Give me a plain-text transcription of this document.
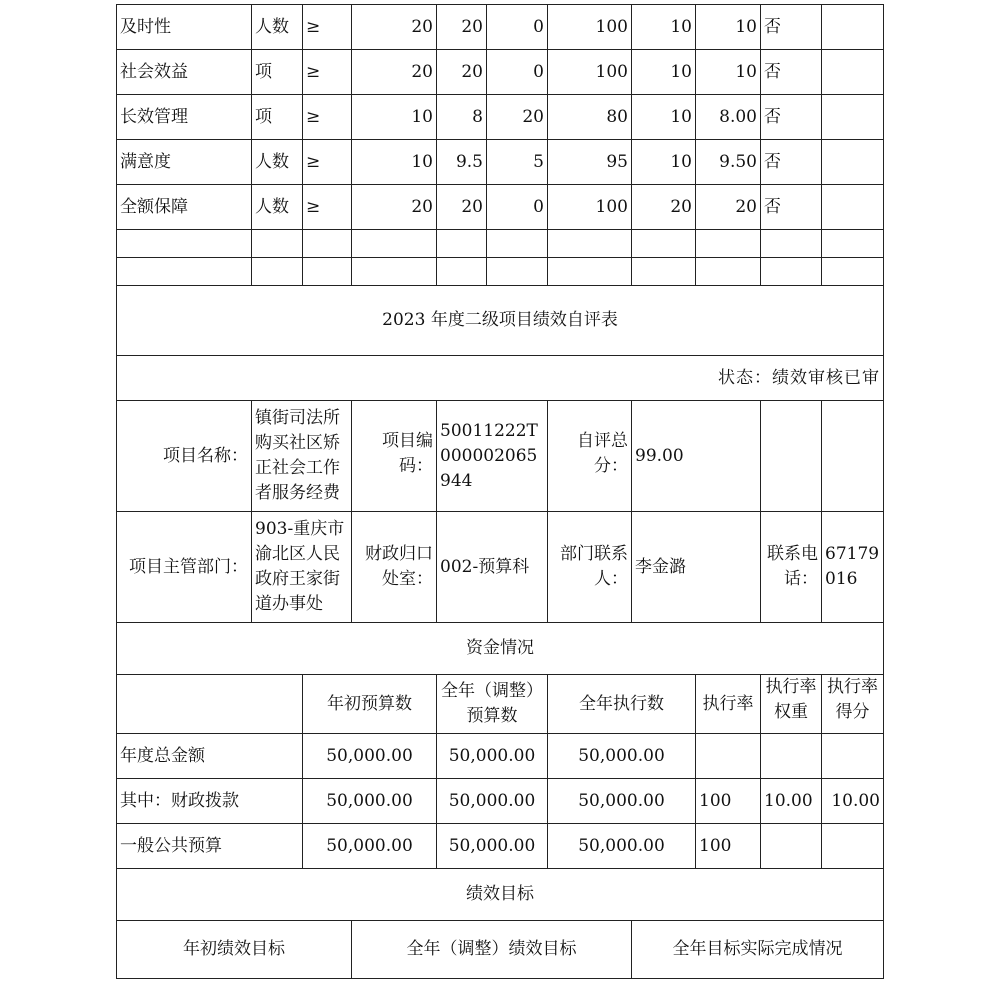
及时性	人数	≥	20	20	0	100	10	10	否	
社会效益	项	≥	20	20	0	100	10	10	否	
长效管理	项	≥	10	8	20	80	10	8.00	否	
满意度	人数	≥	10	9.5	5	95	10	9.50	否	
全额保障	人数	≥	20	20	0	100	20	20	否	

2023 年度二级项目绩效自评表										
状态：绩效审核已审										
项目名称：	镇街司法所购买社区矫正社会工作者服务经费		项目编码：	50011222T000002065944		自评总分：	99.00			
项目主管部门：	903-重庆市渝北区人民政府王家街道办事处		财政归口处室：	002-预算科		部门联系人：	李金潞		联系电话：	67179016
资金情况										
		年初预算数		全年（调整）预算数		全年执行数		执行率	执行率权重	执行率得分
年度总金额		50,000.00		50,000.00		50,000.00				
其中：财政拨款		50,000.00		50,000.00		50,000.00		100	10.00	10.00
一般公共预算		50,000.00		50,000.00		50,000.00		100		
绩效目标										
年初绩效目标			全年（调整）绩效目标				全年目标实际完成情况			
